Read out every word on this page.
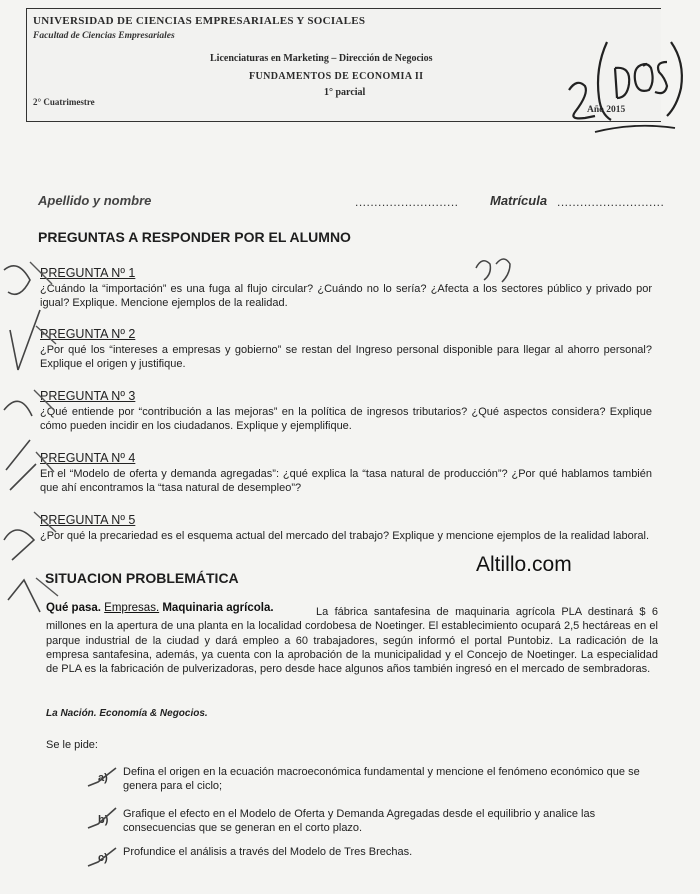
UNIVERSIDAD DE CIENCIAS EMPRESARIALES Y SOCIALES
Facultad de Ciencias Empresariales
Licenciaturas en Marketing – Dirección de Negocios
FUNDAMENTOS DE ECONOMIA II
1° parcial
2° Cuatrimestre
Año 2015
Apellido y nombre	........................... Matrícula ............................
PREGUNTAS A RESPONDER POR EL ALUMNO
PREGUNTA Nº 1
¿Cuándo la “importación” es una fuga al flujo circular? ¿Cuándo no lo sería? ¿Afecta a los sectores público y privado por igual? Explique. Mencione ejemplos de la realidad.
PREGUNTA Nº 2
¿Por qué los “intereses a empresas y gobierno” se restan del Ingreso personal disponible para llegar al ahorro personal? Explique el origen y justifique.
PREGUNTA Nº 3
¿Qué entiende por “contribución a las mejoras” en la política de ingresos tributarios? ¿Qué aspectos considera? Explique cómo pueden incidir en los ciudadanos. Explique y ejemplifique.
PREGUNTA Nº 4
En el “Modelo de oferta y demanda agregadas”: ¿qué explica la “tasa natural de producción”? ¿Por qué hablamos también que ahí encontramos la “tasa natural de desempleo”?
PREGUNTA Nº 5
¿Por qué la precariedad es el esquema actual del mercado del trabajo? Explique y mencione ejemplos de la realidad laboral.
Altillo.com
SITUACION PROBLEMÁTICA
Qué pasa. Empresas. Maquinaria agrícola.	La fábrica santafesina de maquinaria agrícola PLA destinará $ 6 millones en la apertura de una planta en la localidad cordobesa de Noetinger. El establecimiento ocupará 2,5 hectáreas en el parque industrial de la ciudad y dará empleo a 60 trabajadores, según informó el portal Puntobiz. La radicación de la empresa santafesina, además, ya cuenta con la aprobación de la municipalidad y el Concejo de Noetinger. La especialidad de PLA es la fabricación de pulverizadoras, pero desde hace algunos años también ingresó en el mercado de sembradoras.
La Nación. Economía & Negocios.
Se le pide:
a) Defina el origen en la ecuación macroeconómica fundamental y mencione el fenómeno económico que se genera para el ciclo;
b) Grafique el efecto en el Modelo de Oferta y Demanda Agregadas desde el equilibrio y analice las consecuencias que se generan en el corto plazo.
c) Profundice el análisis a través del Modelo de Tres Brechas.
